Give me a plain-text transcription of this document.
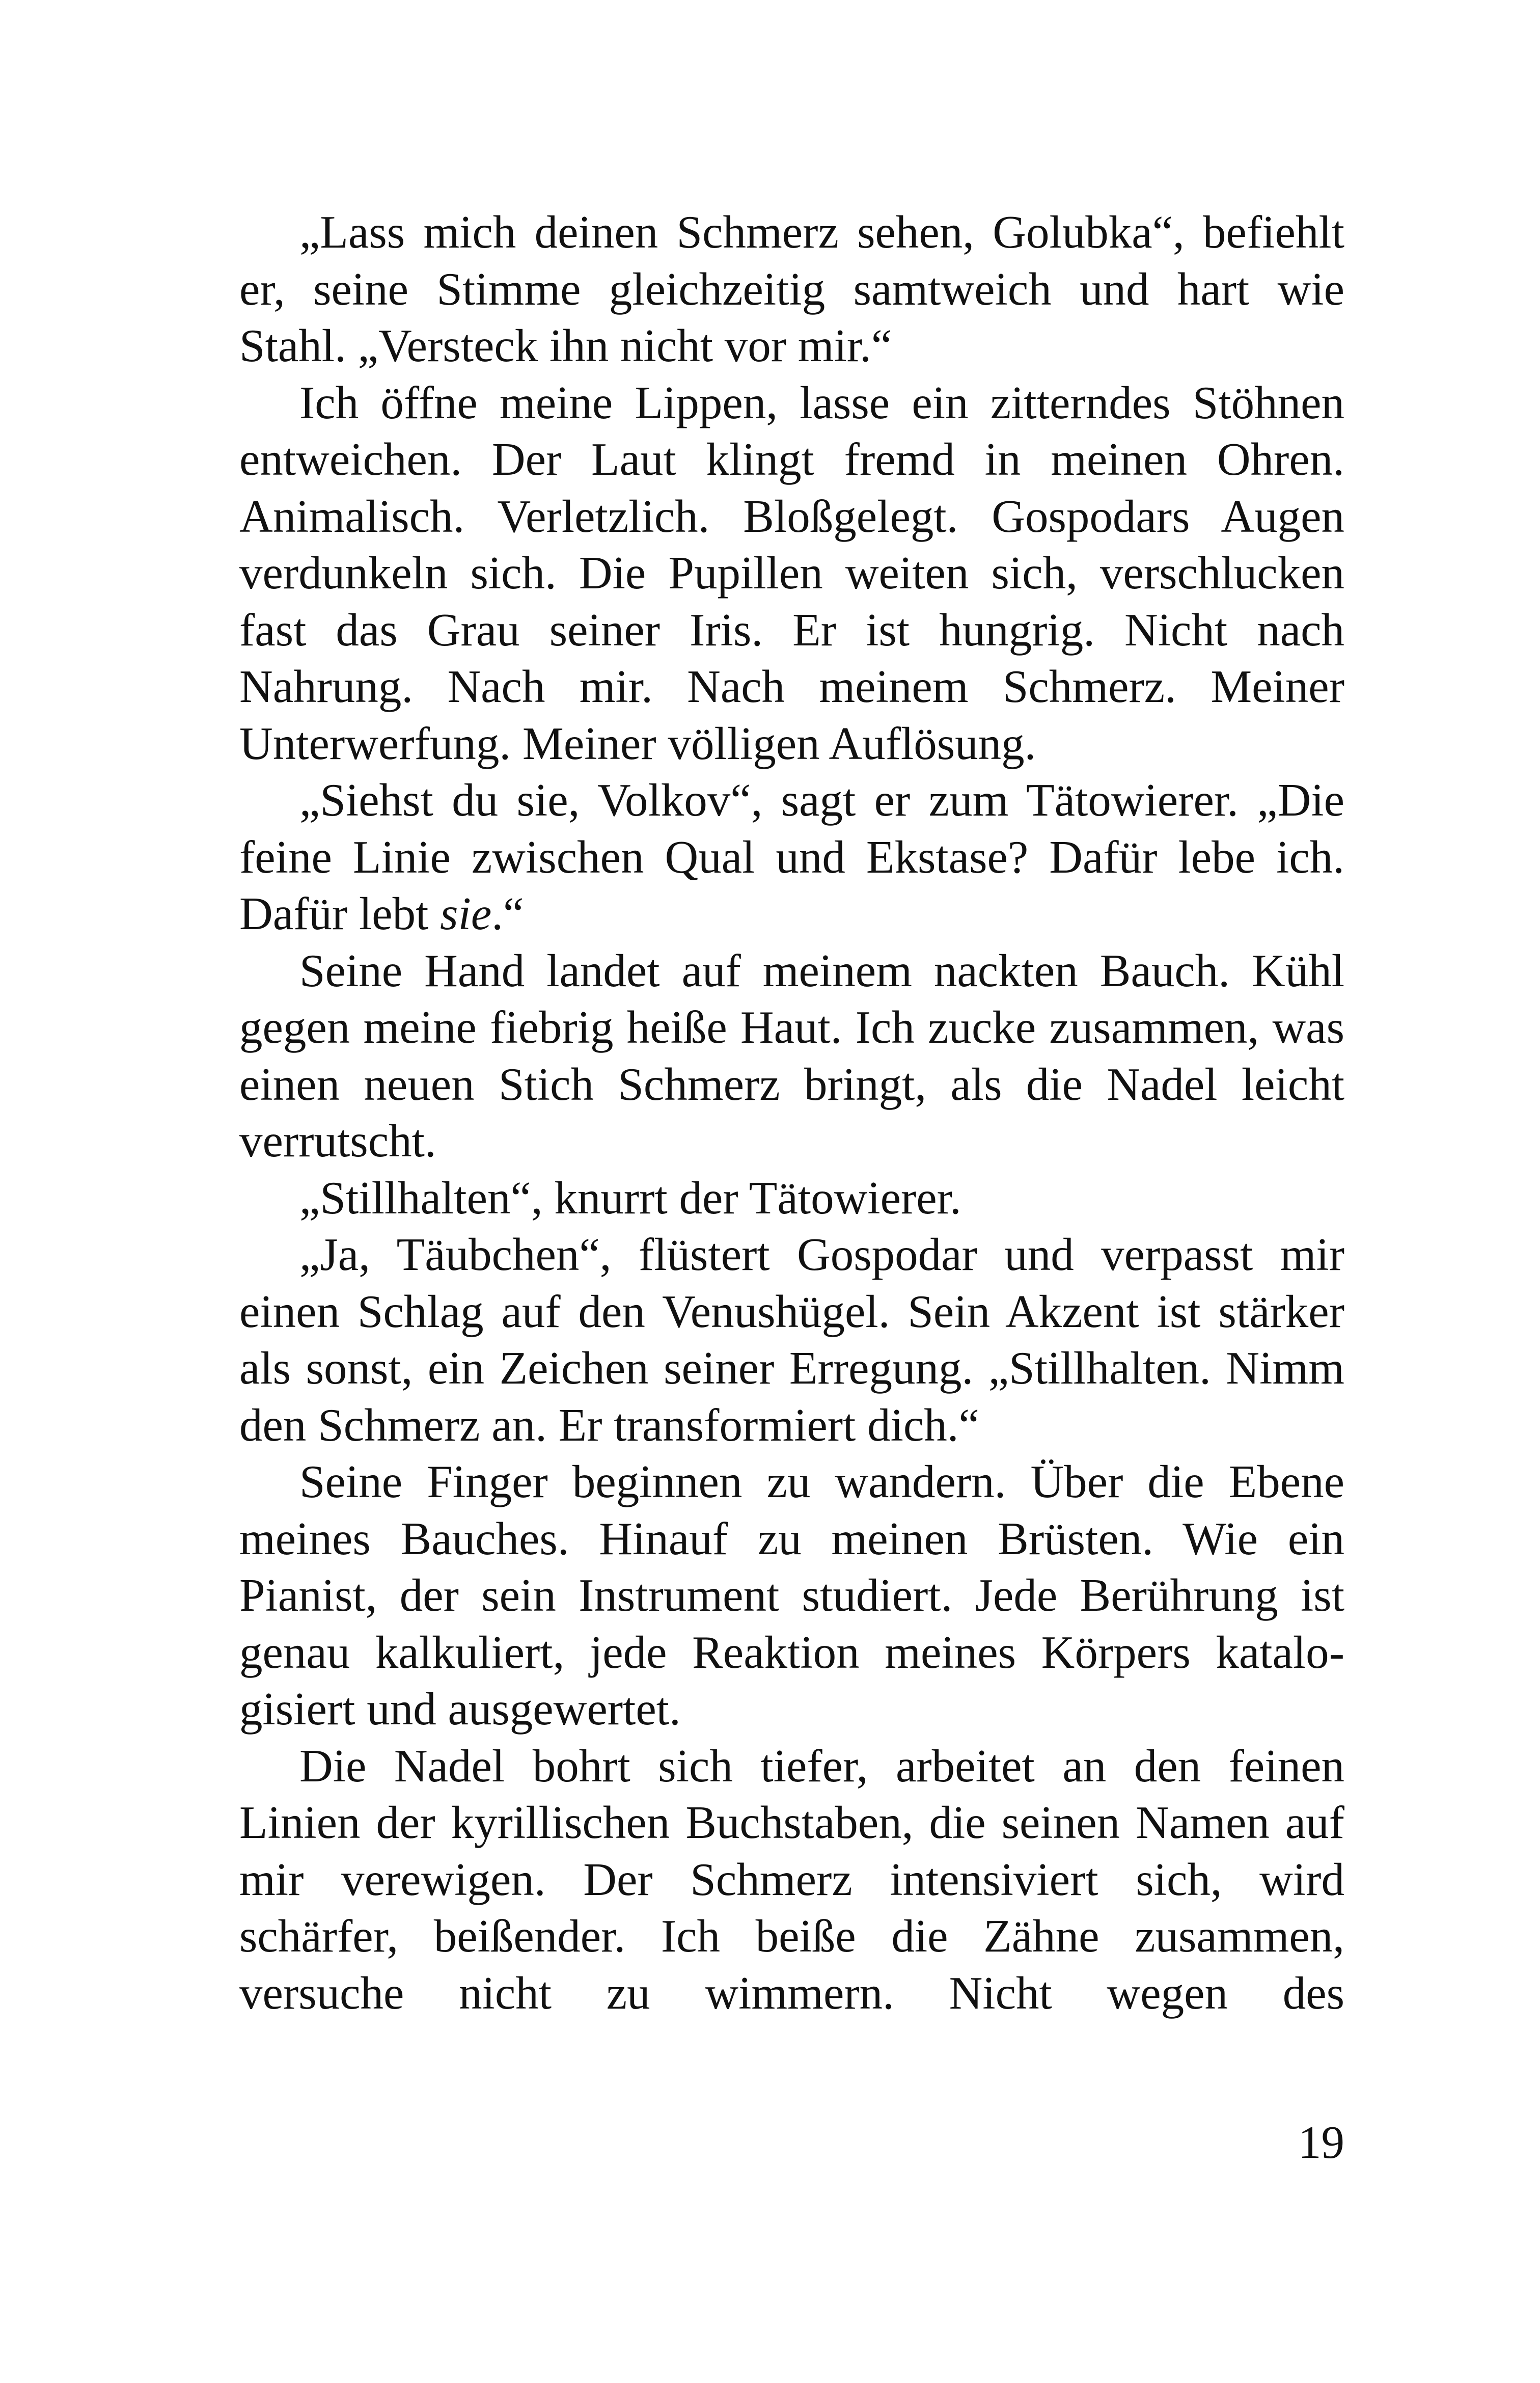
„Lass mich deinen Schmerz sehen, Golubka“, befiehlt er, seine Stimme gleichzeitig samtweich und hart wie Stahl. „Versteck ihn nicht vor mir.“

Ich öffne meine Lippen, lasse ein zitterndes Stöhnen entweichen. Der Laut klingt fremd in meinen Ohren. Animalisch. Verletzlich. Bloßgelegt. Gospodars Augen verdunkeln sich. Die Pupillen weiten sich, verschlucken fast das Grau seiner Iris. Er ist hungrig. Nicht nach Nahrung. Nach mir. Nach meinem Schmerz. Meiner Unterwerfung. Meiner völligen Auflösung.

„Siehst du sie, Volkov“, sagt er zum Tätowierer. „Die feine Linie zwischen Qual und Ekstase? Dafür lebe ich. Dafür lebt sie.“

Seine Hand landet auf meinem nackten Bauch. Kühl gegen meine fiebrig heiße Haut. Ich zucke zusammen, was einen neuen Stich Schmerz bringt, als die Nadel leicht verrutscht.

„Stillhalten“, knurrt der Tätowierer.

„Ja, Täubchen“, flüstert Gospodar und verpasst mir einen Schlag auf den Venushügel. Sein Akzent ist stärker als sonst, ein Zeichen seiner Erregung. „Stillhalten. Nimm den Schmerz an. Er transformiert dich.“

Seine Finger beginnen zu wandern. Über die Ebene meines Bauches. Hinauf zu meinen Brüsten. Wie ein Pianist, der sein Instrument studiert. Jede Berührung ist genau kalkuliert, jede Reaktion meines Körpers katalogisiert und ausgewertet.

Die Nadel bohrt sich tiefer, arbeitet an den feinen Linien der kyrillischen Buchstaben, die seinen Namen auf mir verewigen. Der Schmerz intensiviert sich, wird schärfer, beißender. Ich beiße die Zähne zusammen, versuche nicht zu wimmern. Nicht wegen des

19
